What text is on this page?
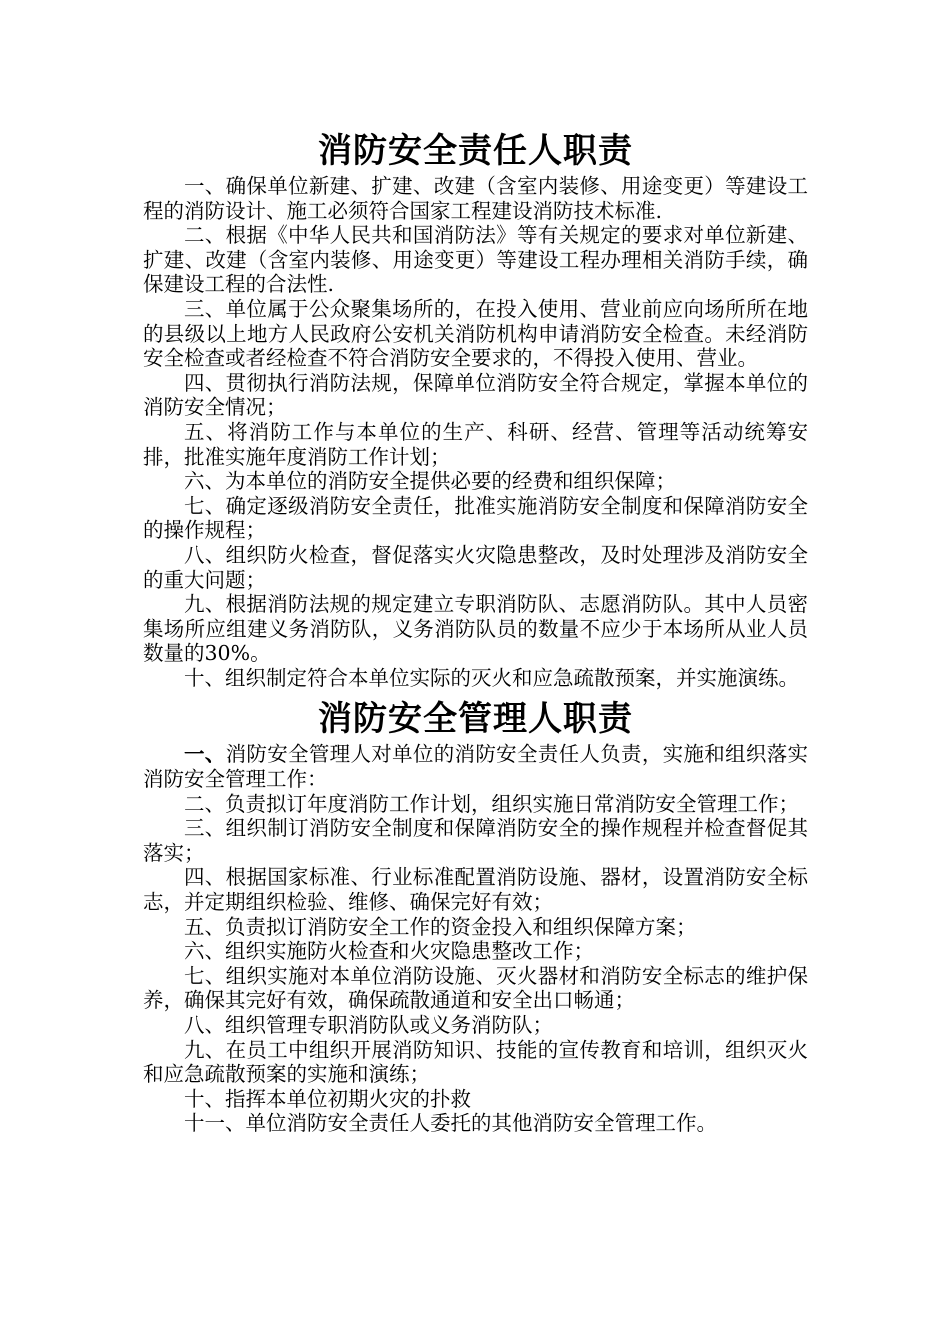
消防安全责任人职责

一、确保单位新建、扩建、改建（含室内装修、用途变更）等建设工程的消防设计、施工必须符合国家工程建设消防技术标准.

二、根据《中华人民共和国消防法》等有关规定的要求对单位新建、扩建、改建（含室内装修、用途变更）等建设工程办理相关消防手续，确保建设工程的合法性.

三、单位属于公众聚集场所的，在投入使用、营业前应向场所所在地的县级以上地方人民政府公安机关消防机构申请消防安全检查。未经消防安全检查或者经检查不符合消防安全要求的，不得投入使用、营业。

四、贯彻执行消防法规，保障单位消防安全符合规定，掌握本单位的消防安全情况；

五、将消防工作与本单位的生产、科研、经营、管理等活动统筹安排，批准实施年度消防工作计划；

六、为本单位的消防安全提供必要的经费和组织保障；

七、确定逐级消防安全责任，批准实施消防安全制度和保障消防安全的操作规程；

八、组织防火检查，督促落实火灾隐患整改，及时处理涉及消防安全的重大问题；

九、根据消防法规的规定建立专职消防队、志愿消防队。其中人员密集场所应组建义务消防队，义务消防队员的数量不应少于本场所从业人员数量的30%。

十、组织制定符合本单位实际的灭火和应急疏散预案，并实施演练。

消防安全管理人职责

一、消防安全管理人对单位的消防安全责任人负责，实施和组织落实消防安全管理工作：

二、负责拟订年度消防工作计划，组织实施日常消防安全管理工作；

三、组织制订消防安全制度和保障消防安全的操作规程并检查督促其落实；

四、根据国家标准、行业标准配置消防设施、器材，设置消防安全标志，并定期组织检验、维修、确保完好有效；

五、负责拟订消防安全工作的资金投入和组织保障方案；

六、组织实施防火检查和火灾隐患整改工作；

七、组织实施对本单位消防设施、灭火器材和消防安全标志的维护保养，确保其完好有效，确保疏散通道和安全出口畅通；

八、组织管理专职消防队或义务消防队；

九、在员工中组织开展消防知识、技能的宣传教育和培训，组织灭火和应急疏散预案的实施和演练；

十、指挥本单位初期火灾的扑救

十一、单位消防安全责任人委托的其他消防安全管理工作。
